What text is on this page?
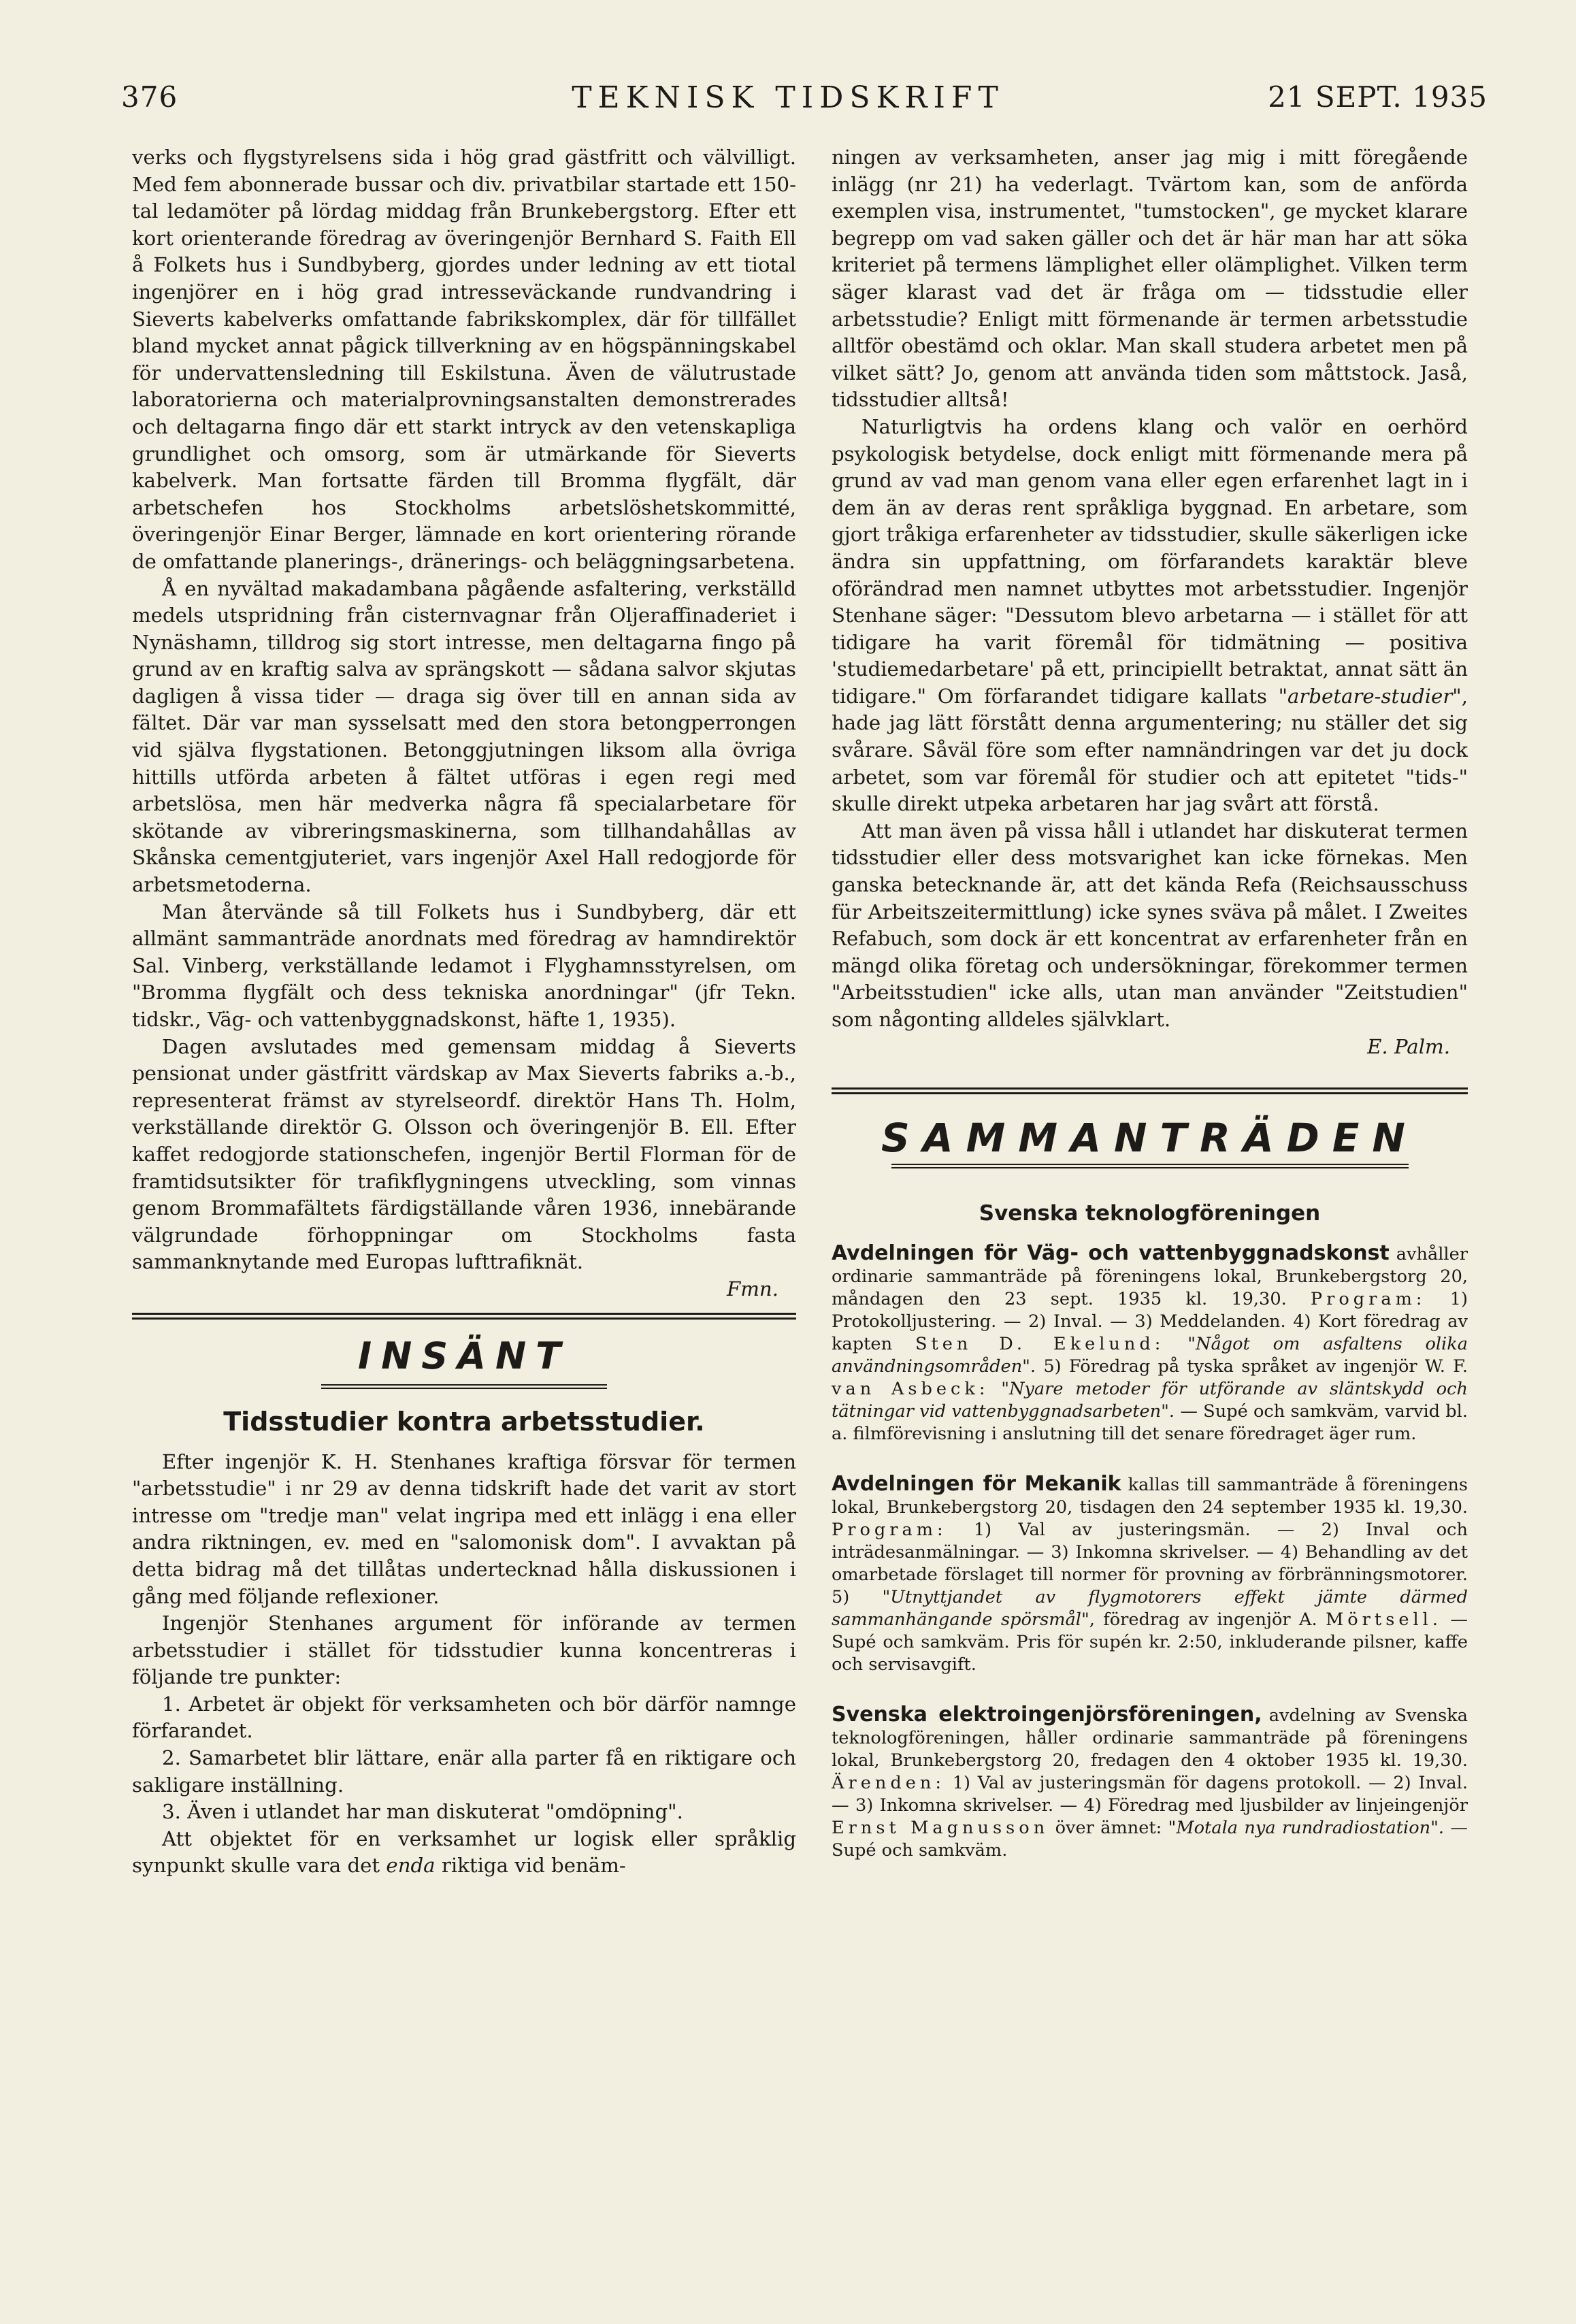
376	TEKNISK TIDSKRIFT	21 SEPT. 1935

verks och flygstyrelsens sida i hög grad gästfritt och välvilligt. Med fem abonnerade bussar och div. privatbilar startade ett 150-tal ledamöter på lördag middag från Brunkebergstorg. Efter ett kort orienterande föredrag av överingenjör Bernhard S. Faith Ell å Folkets hus i Sundbyberg, gjordes under ledning av ett tiotal ingenjörer en i hög grad intresseväckande rundvandring i Sieverts kabelverks omfattande fabrikskomplex, där för tillfället bland mycket annat pågick tillverkning av en högspänningskabel för undervattensledning till Eskilstuna. Även de välutrustade laboratorierna och materialprovningsanstalten demonstrerades och deltagarna fingo där ett starkt intryck av den vetenskapliga grundlighet och omsorg, som är utmärkande för Sieverts kabelverk. Man fortsatte färden till Bromma flygfält, där arbetschefen hos Stockholms arbetslöshetskommitté, överingenjör Einar Berger, lämnade en kort orientering rörande de omfattande planerings-, dränerings- och beläggningsarbetena.

Å en nyvältad makadambana pågående asfaltering, verkställd medels utspridning från cisternvagnar från Oljeraffinaderiet i Nynäshamn, tilldrog sig stort intresse, men deltagarna fingo på grund av en kraftig salva av sprängskott — sådana salvor skjutas dagligen å vissa tider — draga sig över till en annan sida av fältet. Där var man sysselsatt med den stora betongperrongen vid själva flygstationen. Betonggjutningen liksom alla övriga hittills utförda arbeten å fältet utföras i egen regi med arbetslösa, men här medverka några få specialarbetare för skötande av vibreringsmaskinerna, som tillhandahållas av Skånska cementgjuteriet, vars ingenjör Axel Hall redogjorde för arbetsmetoderna.

Man återvände så till Folkets hus i Sundbyberg, där ett allmänt sammanträde anordnats med föredrag av hamndirektör Sal. Vinberg, verkställande ledamot i Flyghamnsstyrelsen, om "Bromma flygfält och dess tekniska anordningar" (jfr Tekn. tidskr., Väg- och vattenbyggnadskonst, häfte 1, 1935).

Dagen avslutades med gemensam middag å Sieverts pensionat under gästfritt värdskap av Max Sieverts fabriks a.-b., representerat främst av styrelseordf. direktör Hans Th. Holm, verkställande direktör G. Olsson och överingenjör B. Ell. Efter kaffet redogjorde stationschefen, ingenjör Bertil Florman för de framtidsutsikter för trafikflygningens utveckling, som vinnas genom Brommafältets färdigställande våren 1936, innebärande välgrundade förhoppningar om Stockholms fasta sammanknytande med Europas lufttrafiknät.

Fmn.

INSÄNT
Tidsstudier kontra arbetsstudier.

Efter ingenjör K. H. Stenhanes kraftiga försvar för termen "arbetsstudie" i nr 29 av denna tidskrift hade det varit av stort intresse om "tredje man" velat ingripa med ett inlägg i ena eller andra riktningen, ev. med en "salomonisk dom". I avvaktan på detta bidrag må det tillåtas undertecknad hålla diskussionen i gång med följande reflexioner.

Ingenjör Stenhanes argument för införande av termen arbetsstudier i stället för tidsstudier kunna koncentreras i följande tre punkter:

1. Arbetet är objekt för verksamheten och bör därför namnge förfarandet.

2. Samarbetet blir lättare, enär alla parter få en riktigare och sakligare inställning.

3. Även i utlandet har man diskuterat "omdöpning".

Att objektet för en verksamhet ur logisk eller språklig synpunkt skulle vara det enda riktiga vid benäm-

ningen av verksamheten, anser jag mig i mitt föregående inlägg (nr 21) ha vederlagt. Tvärtom kan, som de anförda exemplen visa, instrumentet, "tumstocken", ge mycket klarare begrepp om vad saken gäller och det är här man har att söka kriteriet på termens lämplighet eller olämplighet. Vilken term säger klarast vad det är fråga om — tidsstudie eller arbetsstudie? Enligt mitt förmenande är termen arbetsstudie alltför obestämd och oklar. Man skall studera arbetet men på vilket sätt? Jo, genom att använda tiden som måttstock. Jaså, tidsstudier alltså!

Naturligtvis ha ordens klang och valör en oerhörd psykologisk betydelse, dock enligt mitt förmenande mera på grund av vad man genom vana eller egen erfarenhet lagt in i dem än av deras rent språkliga byggnad. En arbetare, som gjort tråkiga erfarenheter av tidsstudier, skulle säkerligen icke ändra sin uppfattning, om förfarandets karaktär bleve oförändrad men namnet utbyttes mot arbetsstudier. Ingenjör Stenhane säger: "Dessutom blevo arbetarna — i stället för att tidigare ha varit föremål för tidmätning — positiva 'studiemedarbetare' på ett, principiellt betraktat, annat sätt än tidigare." Om förfarandet tidigare kallats "arbetare-studier", hade jag lätt förstått denna argumentering; nu ställer det sig svårare. Såväl före som efter namnändringen var det ju dock arbetet, som var föremål för studier och att epitetet "tids-" skulle direkt utpeka arbetaren har jag svårt att förstå.

Att man även på vissa håll i utlandet har diskuterat termen tidsstudier eller dess motsvarighet kan icke förnekas. Men ganska betecknande är, att det kända Refa (Reichsausschuss für Arbeitszeitermittlung) icke synes sväva på målet. I Zweites Refabuch, som dock är ett koncentrat av erfarenheter från en mängd olika företag och undersökningar, förekommer termen "Arbeitsstudien" icke alls, utan man använder "Zeitstudien" som någonting alldeles självklart.

E. Palm.

SAMMANTRÄDEN
Svenska teknologföreningen

Avdelningen för Väg- och vattenbyggnadskonst avhåller ordinarie sammanträde på föreningens lokal, Brunkebergstorg 20, måndagen den 23 sept. 1935 kl. 19,30. Program: 1) Protokolljustering. — 2) Inval. — 3) Meddelanden. 4) Kort föredrag av kapten Sten D. Ekelund: "Något om asfaltens olika användningsområden". 5) Föredrag på tyska språket av ingenjör W. F. van Asbeck: "Nyare metoder för utförande av släntskydd och tätningar vid vattenbyggnadsarbeten". — Supé och samkväm, varvid bl. a. filmförevisning i anslutning till det senare föredraget äger rum.

Avdelningen för Mekanik kallas till sammanträde å föreningens lokal, Brunkebergstorg 20, tisdagen den 24 september 1935 kl. 19,30. Program: 1) Val av justeringsmän. — 2) Inval och inträdesanmälningar. — 3) Inkomna skrivelser. — 4) Behandling av det omarbetade förslaget till normer för provning av förbränningsmotorer. 5) "Utnyttjandet av flygmotorers effekt jämte därmed sammanhängande spörsmål", föredrag av ingenjör A. Mörtsell. — Supé och samkväm. Pris för supén kr. 2:50, inkluderande pilsner, kaffe och servisavgift.

Svenska elektroingenjörsföreningen, avdelning av Svenska teknologföreningen, håller ordinarie sammanträde på föreningens lokal, Brunkebergstorg 20, fredagen den 4 oktober 1935 kl. 19,30. Ärenden: 1) Val av justeringsmän för dagens protokoll. — 2) Inval. — 3) Inkomna skrivelser. — 4) Föredrag med ljusbilder av linjeingenjör Ernst Magnusson över ämnet: "Motala nya rundradiostation". — Supé och samkväm.
